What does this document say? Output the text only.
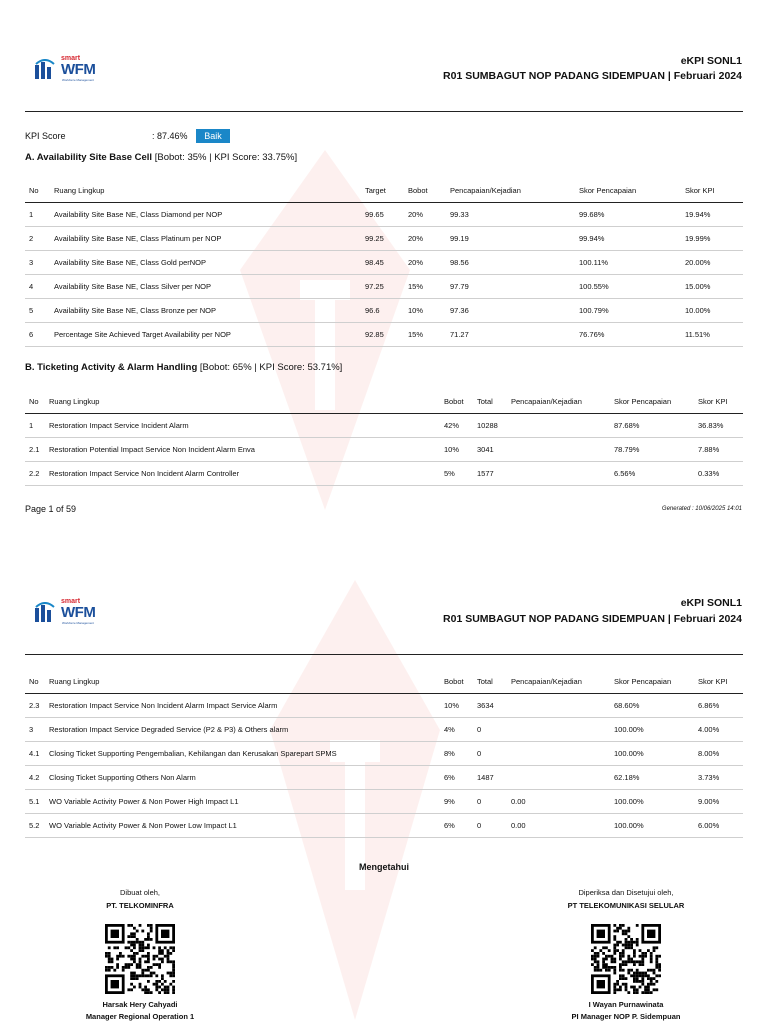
smart
WFM
Workforce Management
eKPI SONL1
R01 SUMBAGUT NOP PADANG SIDEMPUAN | Februari 2024
KPI Score	: 87.46%	Baik
A. Availability Site Base Cell [Bobot: 35% | KPI Score: 33.75%]
No	Ruang Lingkup	Target	Bobot	Pencapaian/Kejadian	Skor Pencapaian	Skor KPI
1	Availability Site Base NE, Class Diamond per NOP	99.65	20%	99.33	99.68%	19.94%
2	Availability Site Base NE, Class Platinum per NOP	99.25	20%	99.19	99.94%	19.99%
3	Availability Site Base NE, Class Gold perNOP	98.45	20%	98.56	100.11%	20.00%
4	Availability Site Base NE, Class Silver per NOP	97.25	15%	97.79	100.55%	15.00%
5	Availability Site Base NE, Class Bronze per NOP	96.6	10%	97.36	100.79%	10.00%
6	Percentage Site Achieved Target Availability per NOP	92.85	15%	71.27	76.76%	11.51%
B. Ticketing Activity & Alarm Handling [Bobot: 65% | KPI Score: 53.71%]
No	Ruang Lingkup	Bobot	Total	Pencapaian/Kejadian	Skor Pencapaian	Skor KPI
1	Restoration Impact Service Incident Alarm	42%	10288		87.68%	36.83%
2.1	Restoration Potential Impact Service Non Incident Alarm Enva	10%	3041		78.79%	7.88%
2.2	Restoration Impact Service Non Incident Alarm Controller	5%	1577		6.56%	0.33%
Page 1 of 59	Generated : 10/06/2025 14:01
smart
WFM
Workforce Management
eKPI SONL1
R01 SUMBAGUT NOP PADANG SIDEMPUAN | Februari 2024
No	Ruang Lingkup	Bobot	Total	Pencapaian/Kejadian	Skor Pencapaian	Skor KPI
2.3	Restoration Impact Service Non Incident Alarm Impact Service Alarm	10%	3634		68.60%	6.86%
3	Restoration Impact Service Degraded Service (P2 & P3) & Others alarm	4%	0		100.00%	4.00%
4.1	Closing Ticket Supporting Pengembalian, Kehilangan dan Kerusakan Sparepart SPMS	8%	0		100.00%	8.00%
4.2	Closing Ticket Supporting Others Non Alarm	6%	1487		62.18%	3.73%
5.1	WO Variable Activity Power & Non Power High Impact L1	9%	0	0.00	100.00%	9.00%
5.2	WO Variable Activity Power & Non Power Low Impact L1	6%	0	0.00	100.00%	6.00%
Mengetahui
Dibuat oleh,
PT. TELKOMINFRA
Harsak Hery Cahyadi
Manager Regional Operation 1
Diperiksa dan Disetujui oleh,
PT TELEKOMUNIKASI SELULAR
I Wayan Purnawinata
PI Manager NOP P. Sidempuan
